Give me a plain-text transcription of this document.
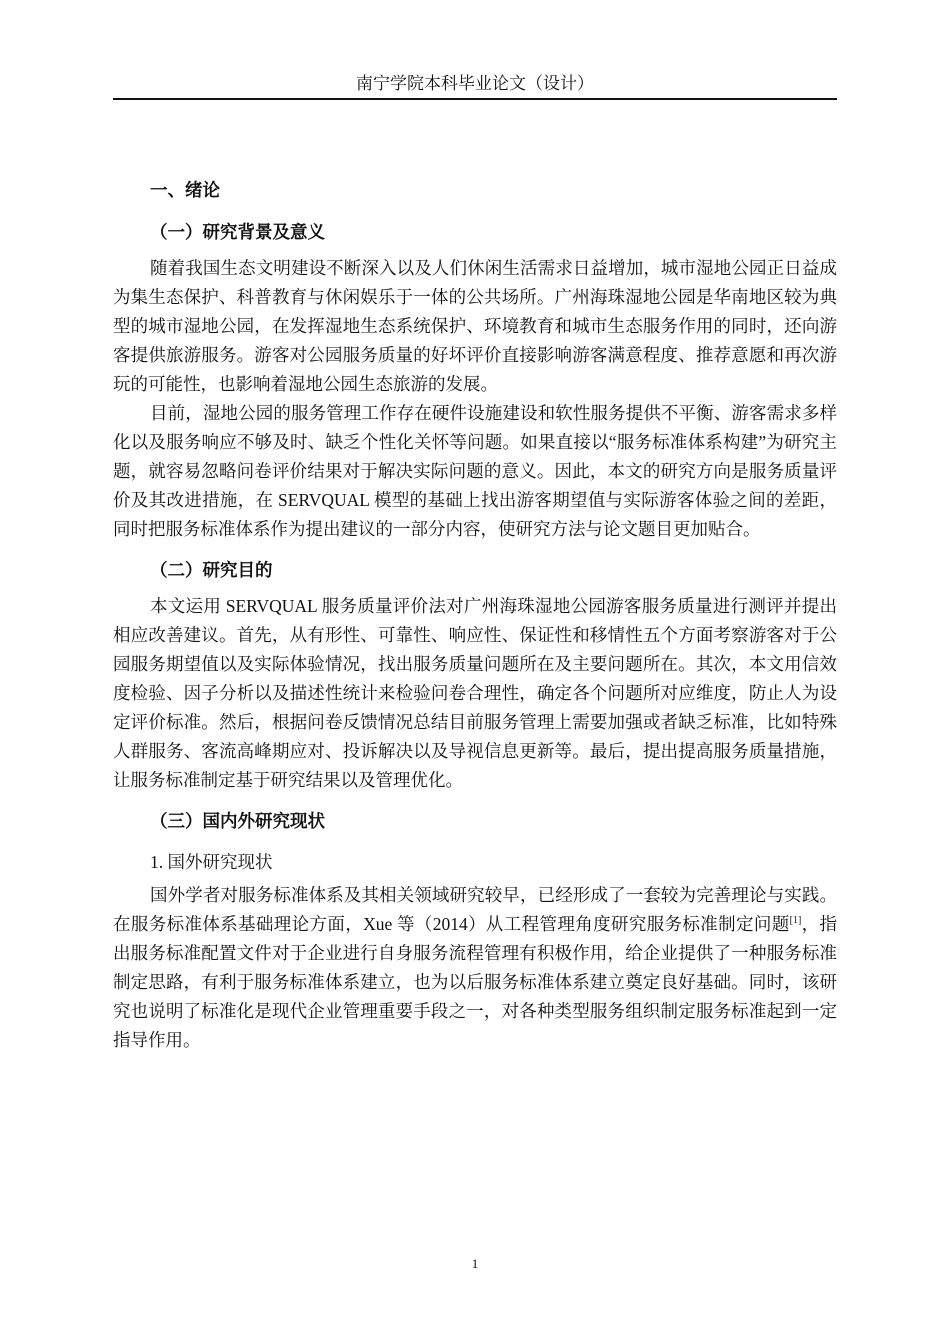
南宁学院本科毕业论文（设计）

一、绪论

（一）研究背景及意义

随着我国生态文明建设不断深入以及人们休闲生活需求日益增加，城市湿地公园正日益成为集生态保护、科普教育与休闲娱乐于一体的公共场所。广州海珠湿地公园是华南地区较为典型的城市湿地公园，在发挥湿地生态系统保护、环境教育和城市生态服务作用的同时，还向游客提供旅游服务。游客对公园服务质量的好坏评价直接影响游客满意程度、推荐意愿和再次游玩的可能性，也影响着湿地公园生态旅游的发展。

目前，湿地公园的服务管理工作存在硬件设施建设和软性服务提供不平衡、游客需求多样化以及服务响应不够及时、缺乏个性化关怀等问题。如果直接以“服务标准体系构建”为研究主题，就容易忽略问卷评价结果对于解决实际问题的意义。因此，本文的研究方向是服务质量评价及其改进措施，在 SERVQUAL 模型的基础上找出游客期望值与实际游客体验之间的差距，同时把服务标准体系作为提出建议的一部分内容，使研究方法与论文题目更加贴合。

（二）研究目的

本文运用 SERVQUAL 服务质量评价法对广州海珠湿地公园游客服务质量进行测评并提出相应改善建议。首先，从有形性、可靠性、响应性、保证性和移情性五个方面考察游客对于公园服务期望值以及实际体验情况，找出服务质量问题所在及主要问题所在。其次，本文用信效度检验、因子分析以及描述性统计来检验问卷合理性，确定各个问题所对应维度，防止人为设定评价标准。然后，根据问卷反馈情况总结目前服务管理上需要加强或者缺乏标准，比如特殊人群服务、客流高峰期应对、投诉解决以及导视信息更新等。最后，提出提高服务质量措施，让服务标准制定基于研究结果以及管理优化。

（三）国内外研究现状

1. 国外研究现状

国外学者对服务标准体系及其相关领域研究较早，已经形成了一套较为完善理论与实践。在服务标准体系基础理论方面，Xue 等（2014）从工程管理角度研究服务标准制定问题[1]，指出服务标准配置文件对于企业进行自身服务流程管理有积极作用，给企业提供了一种服务标准制定思路，有利于服务标准体系建立，也为以后服务标准体系建立奠定良好基础。同时，该研究也说明了标准化是现代企业管理重要手段之一，对各种类型服务组织制定服务标准起到一定指导作用。

1
